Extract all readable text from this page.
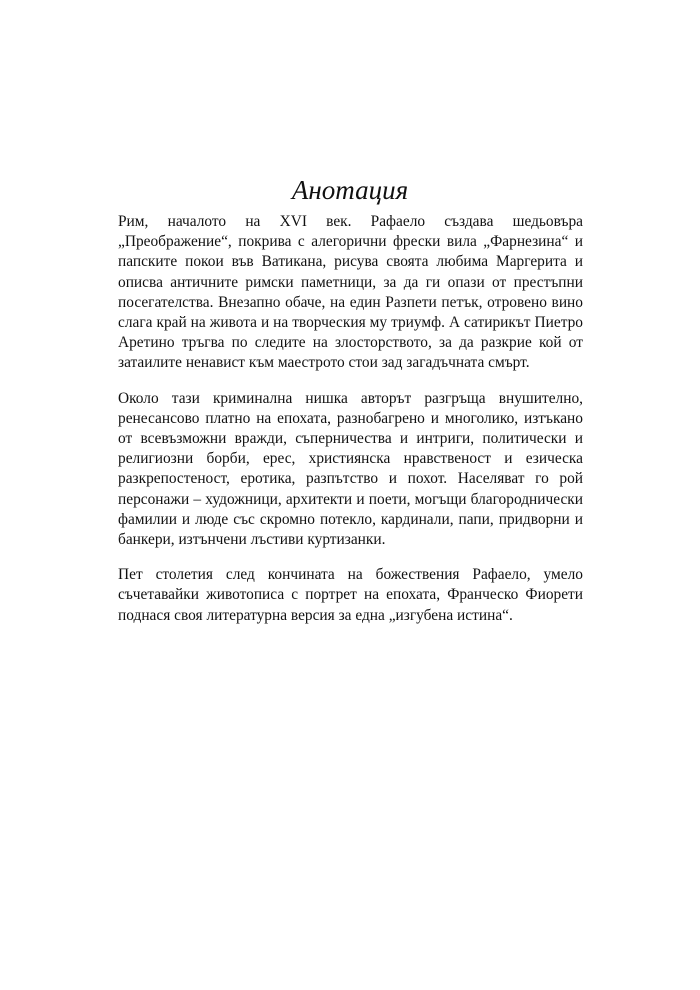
Анотация

Рим, началото на XVI век. Рафаело създава шедьовъра „Преображение“, покрива с алегорични фрески вила „Фарнезина“ и папските покои във Ватикана, рисува своята любима Маргерита и описва античните римски паметници, за да ги опази от престъпни посегателства. Внезапно обаче, на един Разпети петък, отровено вино слага край на живота и на творческия му триумф. А сатирикът Пиетро Аретино тръгва по следите на злосторството, за да разкрие кой от затаилите ненавист към маестрото стои зад загадъчната смърт.

Около тази криминална нишка авторът разгръща внушително, ренесансово платно на епохата, разнобагрено и многолико, изтъкано от всевъзможни вражди, съперничества и интриги, политически и религиозни борби, ерес, християнска нравственост и езическа разкрепостеност, еротика, разпътство и похот. Населяват го рой персонажи – художници, архитекти и поети, могъщи благороднически фамилии и люде със скромно потекло, кардинали, папи, придворни и банкери, изтънчени лъстиви куртизанки.

Пет столетия след кончината на божествения Рафаело, умело съчетавайки животописа с портрет на епохата, Франческо Фиорети поднася своя литературна версия за една „изгубена истина“.
